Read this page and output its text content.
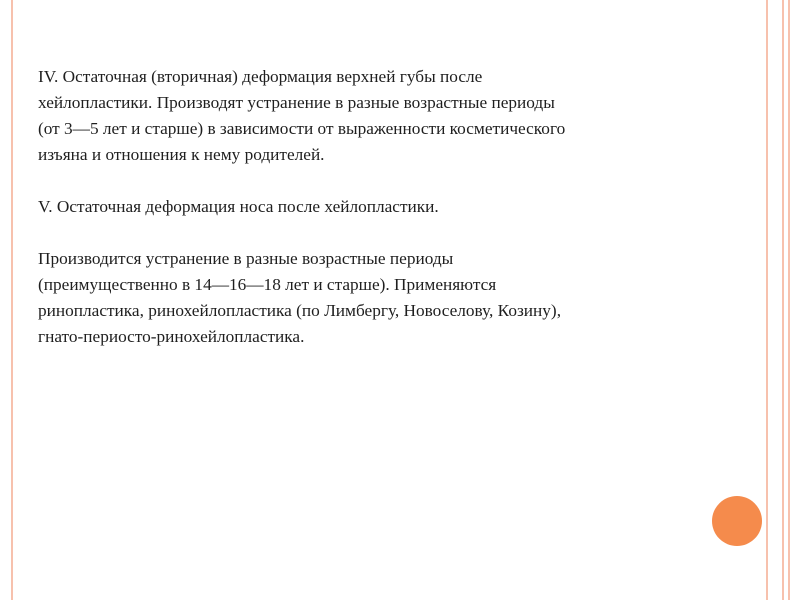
IV. Остаточная (вторичная) деформация верхней губы после
хейлопластики. Производят устранение в разные возрастные периоды
(от 3—5 лет и старше) в зависимости от выраженности косметического
изъяна и отношения к нему родителей.

V. Остаточная деформация носа после хейлопластики.

Производится устранение в разные возрастные периоды
(преимущественно в 14—16—18 лет и старше). Применяются
ринопластика, ринохейлопластика (по Лимбергу, Новоселову, Козину),
гнато-периосто-ринохейлопластика.
